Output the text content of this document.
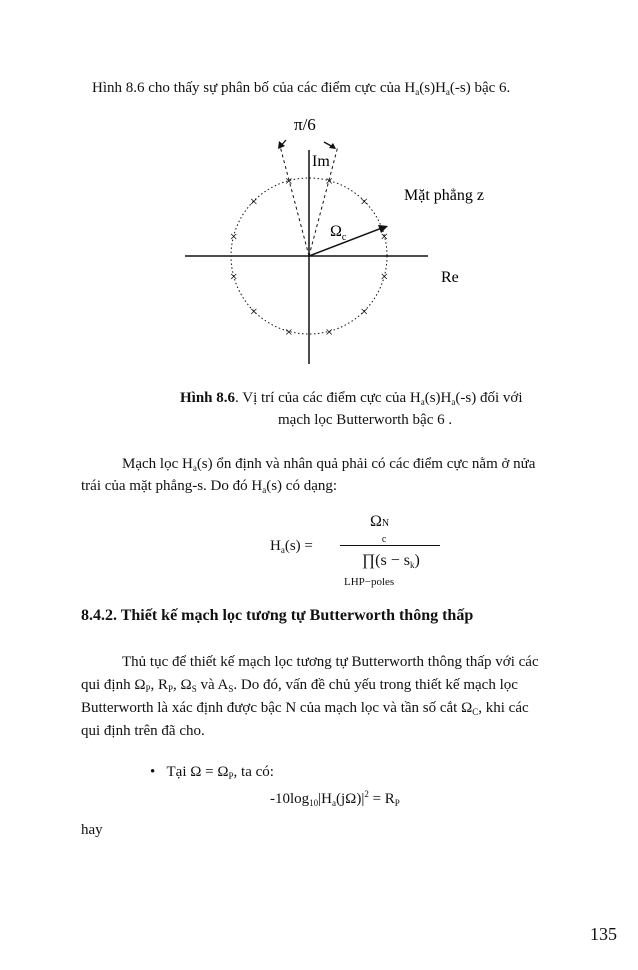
Hình 8.6 cho thấy sự phân bố của các điểm cực của $H_a(s)H_a(-s)$ bậc 6.
π/6
Im
$\Omega_c$
Mặt phẳng z
Re
×
×
×
×
×
×
×
×
× ×
×
×
Hình 8.6. Vị trí của các điểm cực của $H_a(s)H_a(-s)$ đối với
mạch lọc Butterworth bậc 6 .
Mạch lọc $H_a(s)$ ổn định và nhân quả phải có các điểm cực nằm ở nửa
trái của mặt phẳng-s. Do đó $H_a(s)$ có dạng:
$H_a(s)$ =
Ω N
c
∏(s − $s_k$)
LHP−poles
8.4.2. Thiết kế mạch lọc tương tự Butterworth thông thấp
Thủ tục để thiết kế mạch lọc tương tự Butterworth thông thấp với các
qui định $\Omega_P$, $R_P$, $\Omega_S$ và $A_S$. Do đó, vấn đề chủ yếu trong thiết kế mạch lọc
Butterworth là xác định được bậc N của mạch lọc và tần số cắt $\Omega_C$, khi các
qui định trên đã cho.
• Tại $\Omega = \Omega_P$, ta có:
$-10\log_{10}|H_a(j\Omega)|^2 = R_P$
hay
135
